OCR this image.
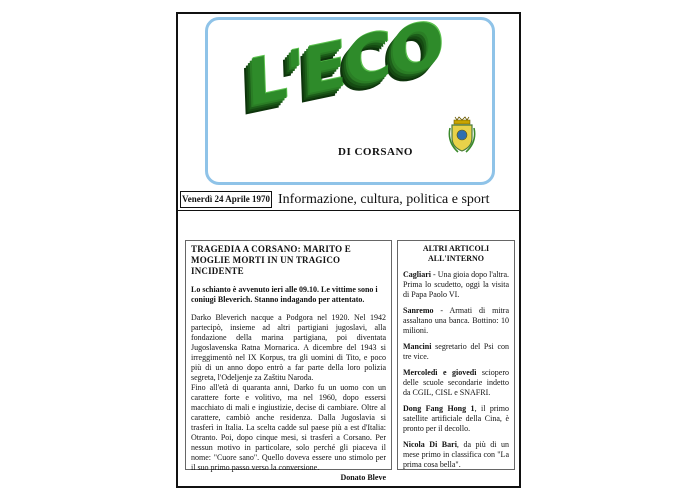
L'ECO
DI CORSANO
Venerdì 24 Aprile 1970 Informazione, cultura, politica e sport
TRAGEDIA A CORSANO: MARITO E MOGLIE MORTI IN UN TRAGICO INCIDENTE
Lo schianto è avvenuto ieri alle 09.10. Le vittime sono i coniugi Bleverich. Stanno indagando per attentato.
Darko Bleverich nacque a Podgora nel 1920. Nel 1942 partecipò, insieme ad altri partigiani jugoslavi, alla fondazione della marina partigiana, poi diventata Jugoslavenska Ratna Mornarica. A dicembre del 1943 si irreggimentò nel IX Korpus, tra gli uomini di Tito, e poco più di un anno dopo entrò a far parte della loro polizia segreta, l'Odeljenje za Zaštitu Naroda.
Fino all'età di quaranta anni, Darko fu un uomo con un carattere forte e volitivo, ma nel 1960, dopo essersi macchiato di mali e ingiustizie, decise di cambiare. Oltre al carattere, cambiò anche residenza. Dalla Jugoslavia si trasferì in Italia. La scelta cadde sul paese più a est d'Italia: Otranto. Poi, dopo cinque mesi, si trasferì a Corsano. Per nessun motivo in particolare, solo perché gli piaceva il nome: "Cuore sano". Quello doveva essere uno stimolo per il suo primo passo verso la conversione.
Donato Bleve
ALTRI ARTICOLI ALL'INTERNO
Cagliari - Una gioia dopo l'altra. Prima lo scudetto, oggi la visita di Papa Paolo VI.
Sanremo - Armati di mitra assaltano una banca. Bottino: 10 milioni.
Mancini segretario del Psi con tre vice.
Mercoledì e giovedì sciopero delle scuole secondarie indetto da CGIL, CISL e SNAFRI.
Dong Fang Hong 1, il primo satellite artificiale della Cina, è pronto per il decollo.
Nicola Di Bari, da più di un mese primo in classifica con "La prima cosa bella".
